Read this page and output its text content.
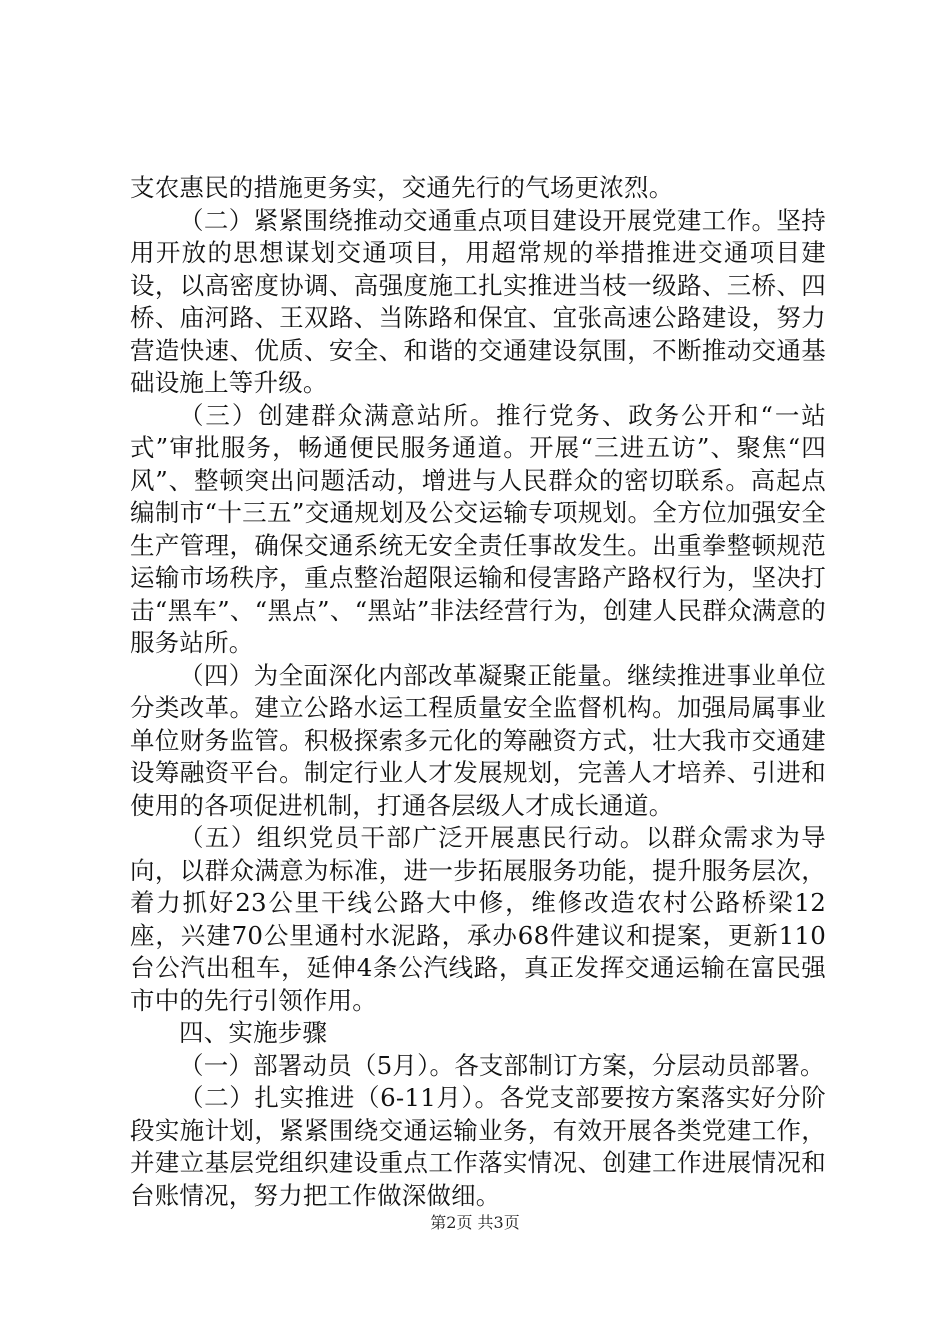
支农惠民的措施更务实，交通先行的气场更浓烈。

（二）紧紧围绕推动交通重点项目建设开展党建工作。坚持用开放的思想谋划交通项目，用超常规的举措推进交通项目建设，以高密度协调、高强度施工扎实推进当枝一级路、三桥、四桥、庙河路、王双路、当陈路和保宜、宜张高速公路建设，努力营造快速、优质、安全、和谐的交通建设氛围，不断推动交通基础设施上等升级。

（三）创建群众满意站所。推行党务、政务公开和“一站式”审批服务，畅通便民服务通道。开展“三进五访”、聚焦“四风”、整顿突出问题活动，增进与人民群众的密切联系。高起点编制市“十三五”交通规划及公交运输专项规划。全方位加强安全生产管理，确保交通系统无安全责任事故发生。出重拳整顿规范运输市场秩序，重点整治超限运输和侵害路产路权行为，坚决打击“黑车”、“黑点”、“黑站”非法经营行为，创建人民群众满意的服务站所。

（四）为全面深化内部改革凝聚正能量。继续推进事业单位分类改革。建立公路水运工程质量安全监督机构。加强局属事业单位财务监管。积极探索多元化的筹融资方式，壮大我市交通建设筹融资平台。制定行业人才发展规划，完善人才培养、引进和使用的各项促进机制，打通各层级人才成长通道。

（五）组织党员干部广泛开展惠民行动。以群众需求为导向，以群众满意为标准，进一步拓展服务功能，提升服务层次，着力抓好23公里干线公路大中修，维修改造农村公路桥梁12座，兴建70公里通村水泥路，承办68件建议和提案，更新110台公汽出租车，延伸4条公汽线路，真正发挥交通运输在富民强市中的先行引领作用。

四、实施步骤

（一）部署动员（5月）。各支部制订方案，分层动员部署。

（二）扎实推进（6-11月）。各党支部要按方案落实好分阶段实施计划，紧紧围绕交通运输业务，有效开展各类党建工作，并建立基层党组织建设重点工作落实情况、创建工作进展情况和台账情况，努力把工作做深做细。

第2页 共3页
